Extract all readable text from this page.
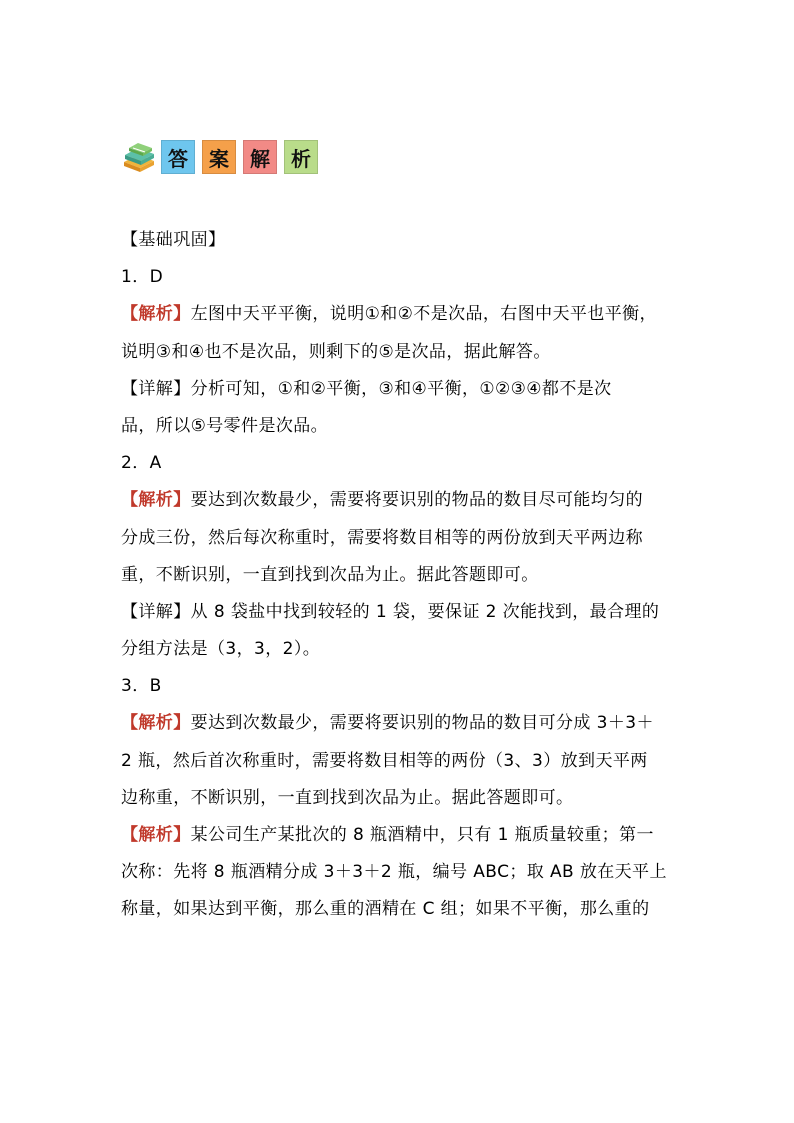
答	案	解	析
【基础巩固】
1．D
【解析】左图中天平平衡，说明①和②不是次品，右图中天平也平衡，
说明③和④也不是次品，则剩下的⑤是次品，据此解答。
【详解】分析可知，①和②平衡，③和④平衡，①②③④都不是次
品，所以⑤号零件是次品。
2．A
【解析】要达到次数最少，需要将要识别的物品的数目尽可能均匀的
分成三份，然后每次称重时，需要将数目相等的两份放到天平两边称
重，不断识别，一直到找到次品为止。据此答题即可。
【详解】从 8 袋盐中找到较轻的 1 袋，要保证 2 次能找到，最合理的
分组方法是（3，3，2）。
3．B
【解析】要达到次数最少，需要将要识别的物品的数目可分成 3＋3＋
2 瓶，然后首次称重时，需要将数目相等的两份（3、3）放到天平两
边称重，不断识别，一直到找到次品为止。据此答题即可。
【解析】某公司生产某批次的 8 瓶酒精中，只有 1 瓶质量较重；第一
次称：先将 8 瓶酒精分成 3＋3＋2 瓶，编号 ABC；取 AB 放在天平上
称量，如果达到平衡，那么重的酒精在 C 组；如果不平衡，那么重的
